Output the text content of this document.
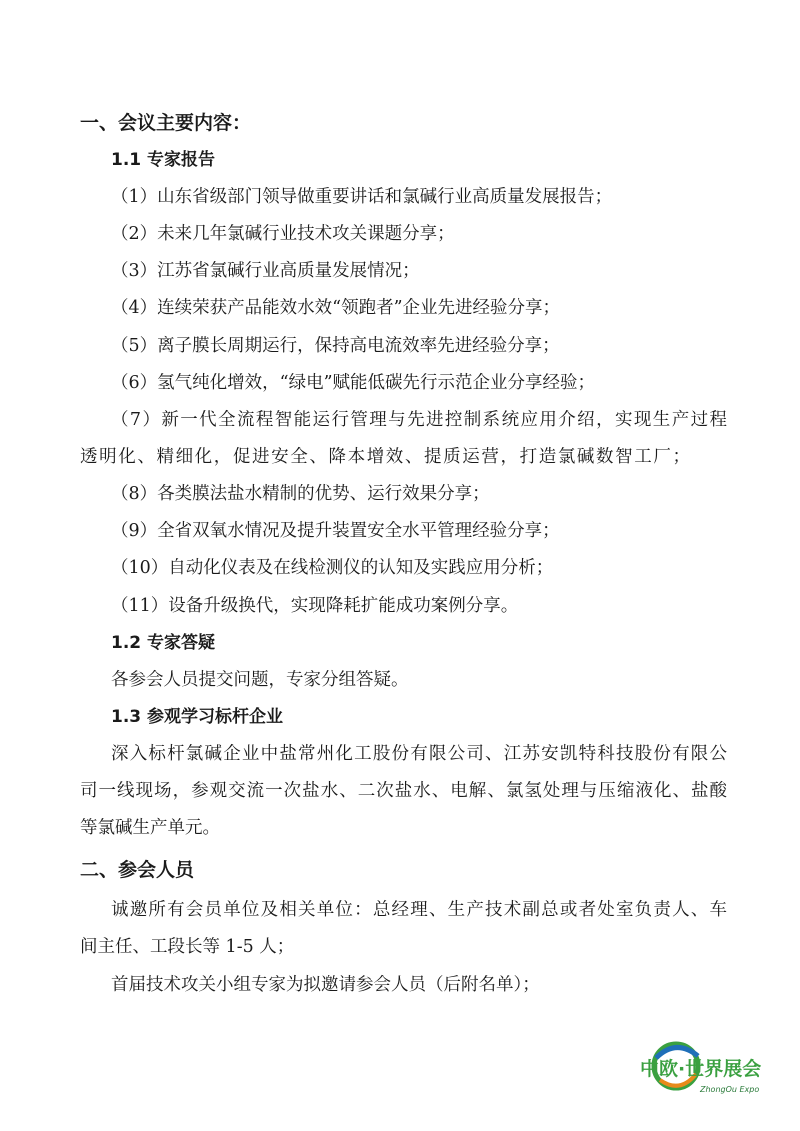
一、会议主要内容：
1.1 专家报告
（1）山东省级部门领导做重要讲话和氯碱行业高质量发展报告；
（2）未来几年氯碱行业技术攻关课题分享；
（3）江苏省氯碱行业高质量发展情况；
（4）连续荣获产品能效水效“领跑者”企业先进经验分享；
（5）离子膜长周期运行，保持高电流效率先进经验分享；
（6）氢气纯化增效，“绿电”赋能低碳先行示范企业分享经验；
（7）新一代全流程智能运行管理与先进控制系统应用介绍，实现生产过程
透明化、精细化，促进安全、降本增效、提质运营，打造氯碱数智工厂；
（8）各类膜法盐水精制的优势、运行效果分享；
（9）全省双氧水情况及提升装置安全水平管理经验分享；
（10）自动化仪表及在线检测仪的认知及实践应用分析；
（11）设备升级换代，实现降耗扩能成功案例分享。
1.2 专家答疑
各参会人员提交问题，专家分组答疑。
1.3 参观学习标杆企业
深入标杆氯碱企业中盐常州化工股份有限公司、江苏安凯特科技股份有限公
司一线现场，参观交流一次盐水、二次盐水、电解、氯氢处理与压缩液化、盐酸
等氯碱生产单元。
二、参会人员
诚邀所有会员单位及相关单位：总经理、生产技术副总或者处室负责人、车
间主任、工段长等 1-5 人；
首届技术攻关小组专家为拟邀请参会人员（后附名单）；
中欧·世界展会
ZhongOu Expo
